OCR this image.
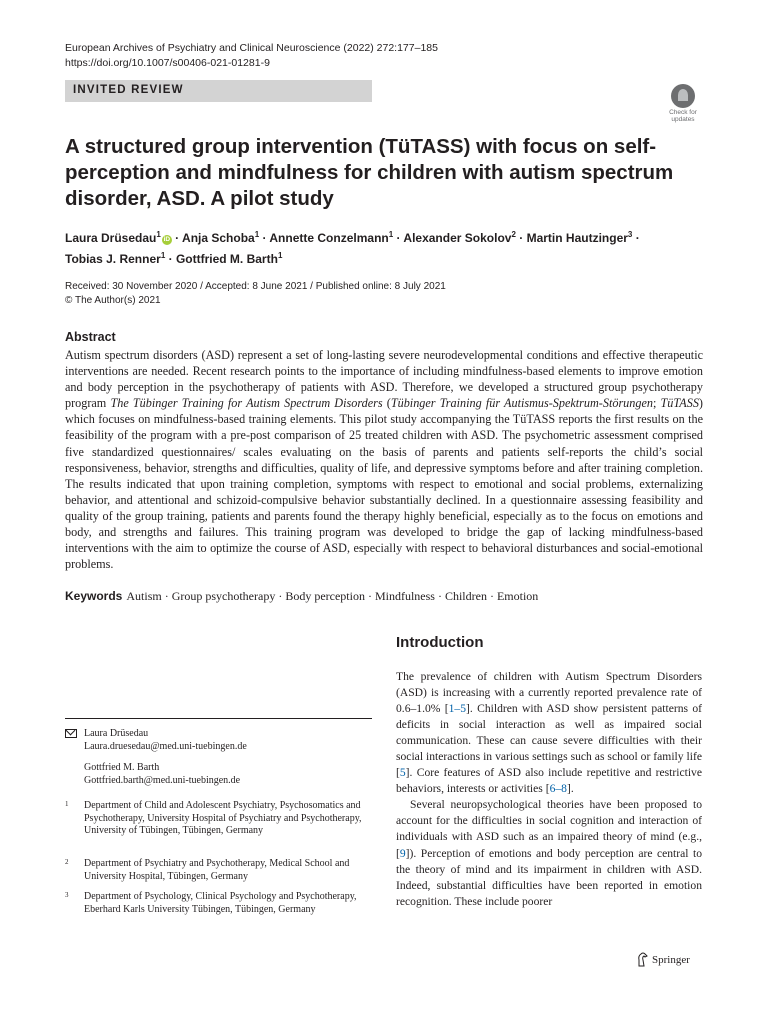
European Archives of Psychiatry and Clinical Neuroscience (2022) 272:177–185
https://doi.org/10.1007/s00406-021-01281-9
INVITED REVIEW
Check for updates
A structured group intervention (TüTASS) with focus on self-perception and mindfulness for children with autism spectrum disorder, ASD. A pilot study
Laura Drüsedau$^1$iD · Anja Schoba$^1$ · Annette Conzelmann$^1$ · Alexander Sokolov$^2$ · Martin Hautzinger$^3$ ·
Tobias J. Renner$^1$ · Gottfried M. Barth$^1$
Received: 30 November 2020 / Accepted: 8 June 2021 / Published online: 8 July 2021
© The Author(s) 2021
Abstract
Autism spectrum disorders (ASD) represent a set of long-lasting severe neurodevelopmental conditions and effective therapeutic interventions are needed. Recent research points to the importance of including mindfulness-based elements to improve emotion and body perception in the psychotherapy of patients with ASD. Therefore, we developed a structured group psychotherapy program The Tübinger Training for Autism Spectrum Disorders (Tübinger Training für Autismus-Spektrum-Störungen; TüTASS) which focuses on mindfulness-based training elements. This pilot study accompanying the TüTASS reports the first results on the feasibility of the program with a pre-post comparison of 25 treated children with ASD. The psychometric assessment comprised five standardized questionnaires/ scales evaluating on the basis of parents and patients self-reports the child’s social responsiveness, behavior, strengths and difficulties, quality of life, and depressive symptoms before and after training completion. The results indicated that upon training completion, symptoms with respect to emotional and social problems, externalizing behavior, and attentional and schizoid-compulsive behavior substantially declined. In a questionnaire assessing feasibility and quality of the group training, patients and parents found the therapy highly beneficial, especially as to the focus on emotions and body, and strengths and failures. This training program was developed to bridge the gap of lacking mindfulness-based interventions with the aim to optimize the course of ASD, especially with respect to behavioral disturbances and social-emotional problems.
Keywords Autism · Group psychotherapy · Body perception · Mindfulness · Children · Emotion
Introduction

The prevalence of children with Autism Spectrum Disorders (ASD) is increasing with a currently reported prevalence rate of 0.6–1.0% [1–5]. Children with ASD show persistent patterns of deficits in social interaction as well as impaired social communication. These can cause severe difficulties with their social interactions in various settings such as school or family life [5]. Core features of ASD also include repetitive and restrictive behaviors, interests or activities [6–8].

Several neuropsychological theories have been proposed to account for the difficulties in social cognition and interaction of individuals with ASD such as an impaired theory of mind (e.g., [9]). Perception of emotions and body perception are central to the theory of mind and its impairment in children with ASD. Indeed, substantial difficulties have been reported in emotion recognition. These include poorer

Laura Drüsedau
Laura.druesedau@med.uni-tuebingen.de
Gottfried M. Barth
Gottfried.barth@med.uni-tuebingen.de
1 Department of Child and Adolescent Psychiatry, Psychosomatics and Psychotherapy, University Hospital of Psychiatry and Psychotherapy, University of Tübingen, Tübingen, Germany
2 Department of Psychiatry and Psychotherapy, Medical School and University Hospital, Tübingen, Germany
3 Department of Psychology, Clinical Psychology and Psychotherapy, Eberhard Karls University Tübingen, Tübingen, Germany
Springer
